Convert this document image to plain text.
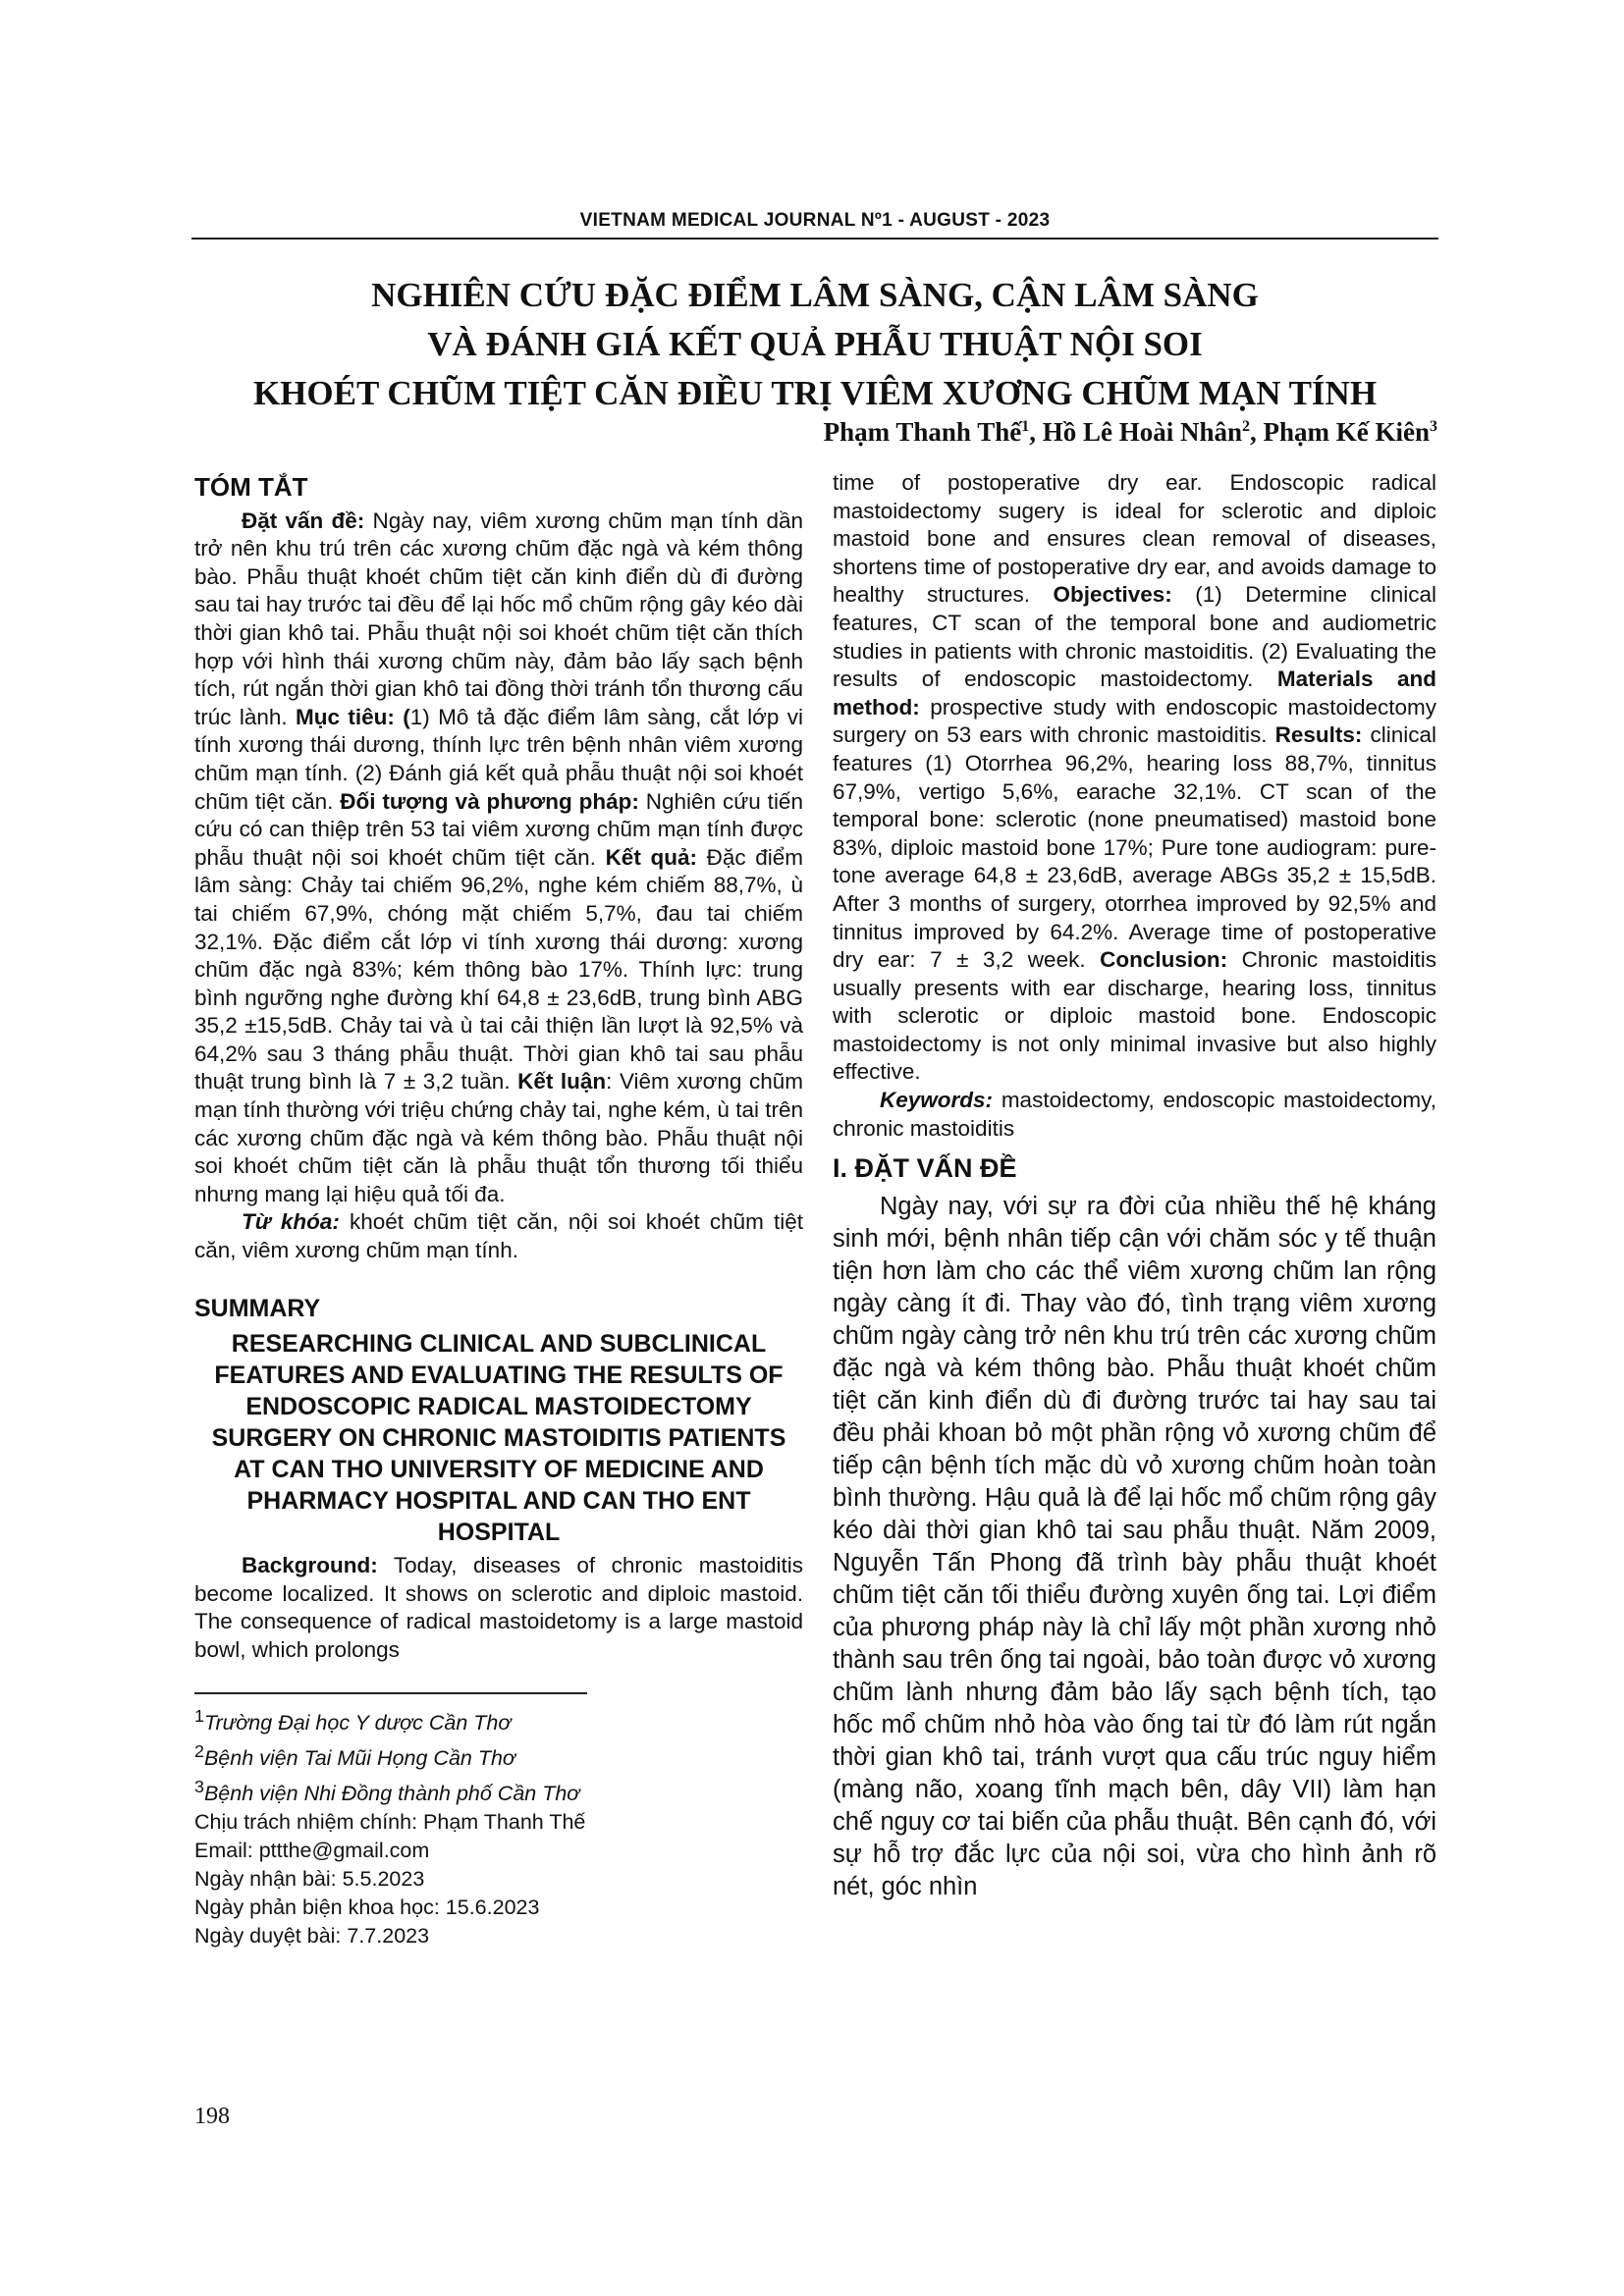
VIETNAM MEDICAL JOURNAL Nº1 - AUGUST - 2023
NGHIÊN CỨU ĐẶC ĐIỂM LÂM SÀNG, CẬN LÂM SÀNG
VÀ ĐÁNH GIÁ KẾT QUẢ PHẪU THUẬT NỘI SOI
KHOÉT CHŨM TIỆT CĂN ĐIỀU TRỊ VIÊM XƯƠNG CHŨM MẠN TÍNH
Phạm Thanh Thế$^1$, Hồ Lê Hoài Nhân$^2$, Phạm Kế Kiên$^3$
TÓM TẮT

Đặt vấn đề: Ngày nay, viêm xương chũm mạn tính dần trở nên khu trú trên các xương chũm đặc ngà và kém thông bào. Phẫu thuật khoét chũm tiệt căn kinh điển dù đi đường sau tai hay trước tai đều để lại hốc mổ chũm rộng gây kéo dài thời gian khô tai. Phẫu thuật nội soi khoét chũm tiệt căn thích hợp với hình thái xương chũm này, đảm bảo lấy sạch bệnh tích, rút ngắn thời gian khô tai đồng thời tránh tổn thương cấu trúc lành. Mục tiêu: (1) Mô tả đặc điểm lâm sàng, cắt lớp vi tính xương thái dương, thính lực trên bệnh nhân viêm xương chũm mạn tính. (2) Đánh giá kết quả phẫu thuật nội soi khoét chũm tiệt căn. Đối tượng và phương pháp: Nghiên cứu tiến cứu có can thiệp trên 53 tai viêm xương chũm mạn tính được phẫu thuật nội soi khoét chũm tiệt căn. Kết quả: Đặc điểm lâm sàng: Chảy tai chiếm 96,2%, nghe kém chiếm 88,7%, ù tai chiếm 67,9%, chóng mặt chiếm 5,7%, đau tai chiếm 32,1%. Đặc điểm cắt lớp vi tính xương thái dương: xương chũm đặc ngà 83%; kém thông bào 17%. Thính lực: trung bình ngưỡng nghe đường khí 64,8 ± 23,6dB, trung bình ABG 35,2 ±15,5dB. Chảy tai và ù tai cải thiện lần lượt là 92,5% và 64,2% sau 3 tháng phẫu thuật. Thời gian khô tai sau phẫu thuật trung bình là 7 ± 3,2 tuần. Kết luận: Viêm xương chũm mạn tính thường với triệu chứng chảy tai, nghe kém, ù tai trên các xương chũm đặc ngà và kém thông bào. Phẫu thuật nội soi khoét chũm tiệt căn là phẫu thuật tổn thương tối thiểu nhưng mang lại hiệu quả tối đa.

Từ khóa: khoét chũm tiệt căn, nội soi khoét chũm tiệt căn, viêm xương chũm mạn tính.

SUMMARY
RESEARCHING CLINICAL AND SUBCLINICAL FEATURES AND EVALUATING THE RESULTS OF ENDOSCOPIC RADICAL MASTOIDECTOMY SURGERY ON CHRONIC MASTOIDITIS PATIENTS AT CAN THO UNIVERSITY OF MEDICINE AND PHARMACY HOSPITAL AND CAN THO ENT HOSPITAL

Background: Today, diseases of chronic mastoiditis become localized. It shows on sclerotic and diploic mastoid. The consequence of radical mastoidetomy is a large mastoid bowl, which prolongs

$^1$Trường Đại học Y dược Cần Thơ

$^2$Bệnh viện Tai Mũi Họng Cần Thơ

$^3$Bệnh viện Nhi Đồng thành phố Cần Thơ

Chịu trách nhiệm chính: Phạm Thanh Thế

Email: pttthe@gmail.com

Ngày nhận bài: 5.5.2023

Ngày phản biện khoa học: 15.6.2023

Ngày duyệt bài: 7.7.2023

time of postoperative dry ear. Endoscopic radical mastoidectomy sugery is ideal for sclerotic and diploic mastoid bone and ensures clean removal of diseases, shortens time of postoperative dry ear, and avoids damage to healthy structures. Objectives: (1) Determine clinical features, CT scan of the temporal bone and audiometric studies in patients with chronic mastoiditis. (2) Evaluating the results of endoscopic mastoidectomy. Materials and method: prospective study with endoscopic mastoidectomy surgery on 53 ears with chronic mastoiditis. Results: clinical features (1) Otorrhea 96,2%, hearing loss 88,7%, tinnitus 67,9%, vertigo 5,6%, earache 32,1%. CT scan of the temporal bone: sclerotic (none pneumatised) mastoid bone 83%, diploic mastoid bone 17%; Pure tone audiogram: pure-tone average 64,8 ± 23,6dB, average ABGs 35,2 ± 15,5dB. After 3 months of surgery, otorrhea improved by 92,5% and tinnitus improved by 64.2%. Average time of postoperative dry ear: 7 ± 3,2 week. Conclusion: Chronic mastoiditis usually presents with ear discharge, hearing loss, tinnitus with sclerotic or diploic mastoid bone. Endoscopic mastoidectomy is not only minimal invasive but also highly effective.

Keywords: mastoidectomy, endoscopic mastoidectomy, chronic mastoiditis

I. ĐẶT VẤN ĐỀ

Ngày nay, với sự ra đời của nhiều thế hệ kháng sinh mới, bệnh nhân tiếp cận với chăm sóc y tế thuận tiện hơn làm cho các thể viêm xương chũm lan rộng ngày càng ít đi. Thay vào đó, tình trạng viêm xương chũm ngày càng trở nên khu trú trên các xương chũm đặc ngà và kém thông bào. Phẫu thuật khoét chũm tiệt căn kinh điển dù đi đường trước tai hay sau tai đều phải khoan bỏ một phần rộng vỏ xương chũm để tiếp cận bệnh tích mặc dù vỏ xương chũm hoàn toàn bình thường. Hậu quả là để lại hốc mổ chũm rộng gây kéo dài thời gian khô tai sau phẫu thuật. Năm 2009, Nguyễn Tấn Phong đã trình bày phẫu thuật khoét chũm tiệt căn tối thiểu đường xuyên ống tai. Lợi điểm của phương pháp này là chỉ lấy một phần xương nhỏ thành sau trên ống tai ngoài, bảo toàn được vỏ xương chũm lành nhưng đảm bảo lấy sạch bệnh tích, tạo hốc mổ chũm nhỏ hòa vào ống tai từ đó làm rút ngắn thời gian khô tai, tránh vượt qua cấu trúc nguy hiểm (màng não, xoang tĩnh mạch bên, dây VII) làm hạn chế nguy cơ tai biến của phẫu thuật. Bên cạnh đó, với sự hỗ trợ đắc lực của nội soi, vừa cho hình ảnh rõ nét, góc nhìn

198
